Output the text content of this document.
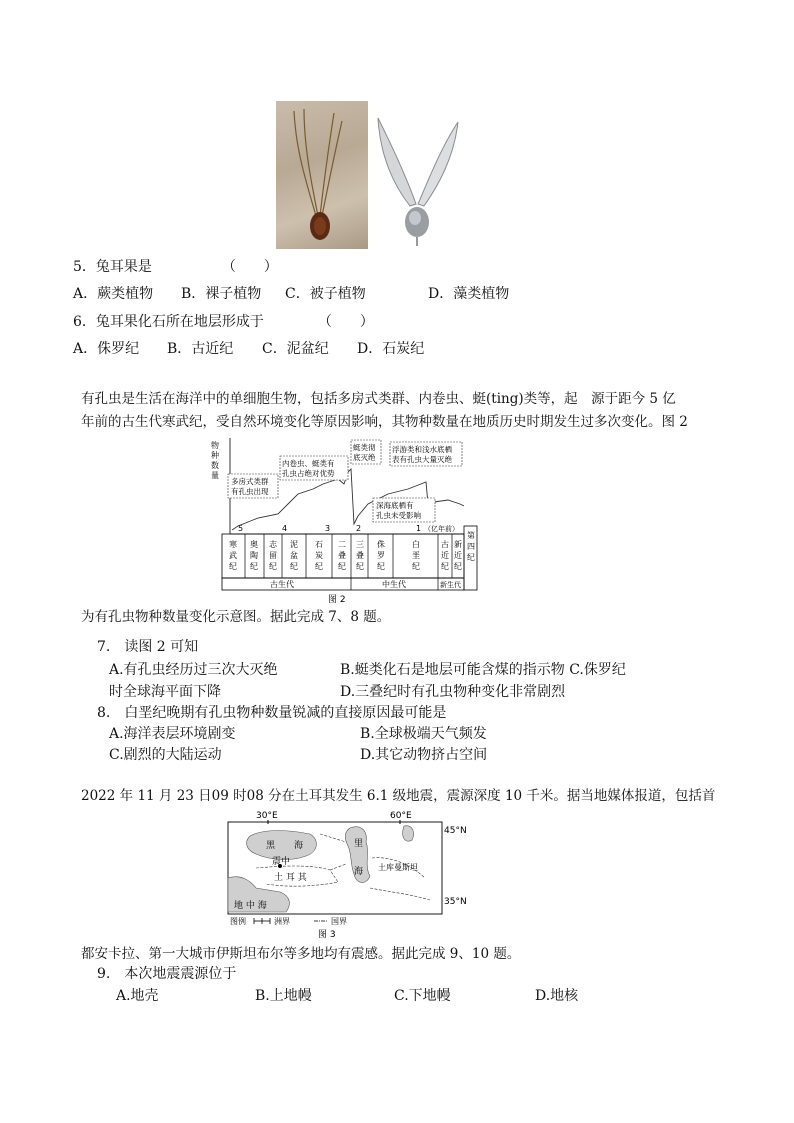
5．兔耳果是	（　　）
A．蕨类植物 B．裸子植物 C．被子植物	D．藻类植物
6．兔耳果化石所在地层形成于	（　　）
A．侏罗纪 B．古近纪 C．泥盆纪 D．石炭纪
有孔虫是生活在海洋中的单细胞生物，包括多房式类群、内卷虫、蜓(ting)类等，起　源于距今 5 亿
年前的古生代寒武纪，受自然环境变化等原因影响，其物种数量在地质历史时期发生过多次变化。图 2
物
种
数
量
多房式类群
有孔虫出现
内卷虫、蜓类有
孔虫占绝对优势
蜓类彻
底灭绝
浮游类和浅水底栖
表有孔虫大量灭绝
深海底栖有
孔虫未受影响
5	4	3	2	1 （亿年前）
寒武纪
奥陶纪
志留纪
泥盆纪
石炭纪
二叠纪
三叠纪
侏罗纪
白垩纪
古近纪
新近纪
第四纪
古生代	中生代	新生代
图 2
为有孔虫物种数量变化示意图。据此完成 7、8 题。
7.　读图 2 可知
A.有孔虫经历过三次大灭绝	B.蜓类化石是地层可能含煤的指示物 C.侏罗纪
时全球海平面下降	D.三叠纪时有孔虫物种变化非常剧烈
8.　白垩纪晚期有孔虫物种数量锐减的直接原因最可能是
A.海洋表层环境剧变	B.全球极端天气频发
C.剧烈的大陆运动	D.其它动物挤占空间
2022 年 11 月 23 日09 时08 分在土耳其发生 6.1 级地震，震源深度 10 千米。据当地媒体报道，包括首
30°E	60°E
45°N
35°N
黑 海	里
海
地 中 海
震中
土 耳 其
土库曼斯坦
图例	洲界	国界
图 3
都安卡拉、第一大城市伊斯坦布尔等多地均有震感。据此完成 9、10 题。
9.　本次地震震源位于
A.地壳	B.上地幔	C.下地幔	D.地核
